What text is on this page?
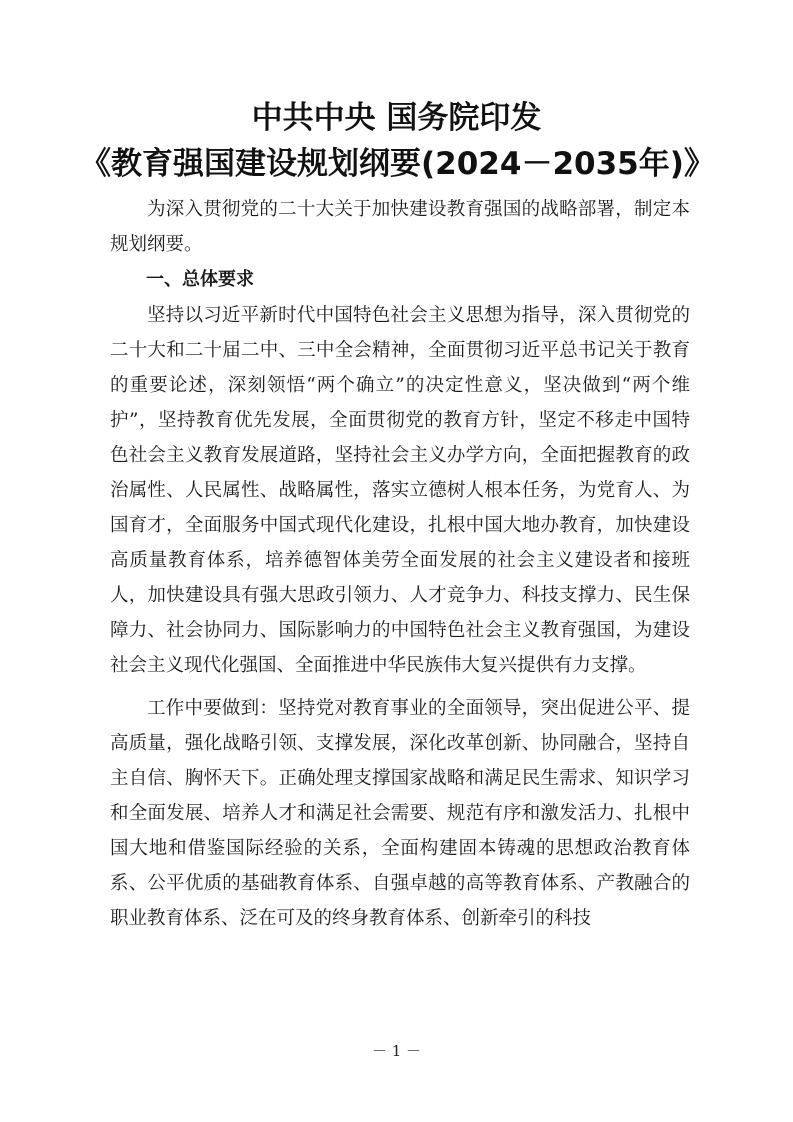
中共中央 国务院印发
《教育强国建设规划纲要(2024－2035年)》

为深入贯彻党的二十大关于加快建设教育强国的战略部署，制定本规划纲要。

一、总体要求

坚持以习近平新时代中国特色社会主义思想为指导，深入贯彻党的二十大和二十届二中、三中全会精神，全面贯彻习近平总书记关于教育的重要论述，深刻领悟“两个确立”的决定性意义，坚决做到“两个维护”，坚持教育优先发展，全面贯彻党的教育方针，坚定不移走中国特色社会主义教育发展道路，坚持社会主义办学方向，全面把握教育的政治属性、人民属性、战略属性，落实立德树人根本任务，为党育人、为国育才，全面服务中国式现代化建设，扎根中国大地办教育，加快建设高质量教育体系，培养德智体美劳全面发展的社会主义建设者和接班人，加快建设具有强大思政引领力、人才竞争力、科技支撑力、民生保障力、社会协同力、国际影响力的中国特色社会主义教育强国，为建设社会主义现代化强国、全面推进中华民族伟大复兴提供有力支撑。

工作中要做到：坚持党对教育事业的全面领导，突出促进公平、提高质量，强化战略引领、支撑发展，深化改革创新、协同融合，坚持自主自信、胸怀天下。正确处理支撑国家战略和满足民生需求、知识学习和全面发展、培养人才和满足社会需要、规范有序和激发活力、扎根中国大地和借鉴国际经验的关系，全面构建固本铸魂的思想政治教育体系、公平优质的基础教育体系、自强卓越的高等教育体系、产教融合的职业教育体系、泛在可及的终身教育体系、创新牵引的科技

－ 1 －
